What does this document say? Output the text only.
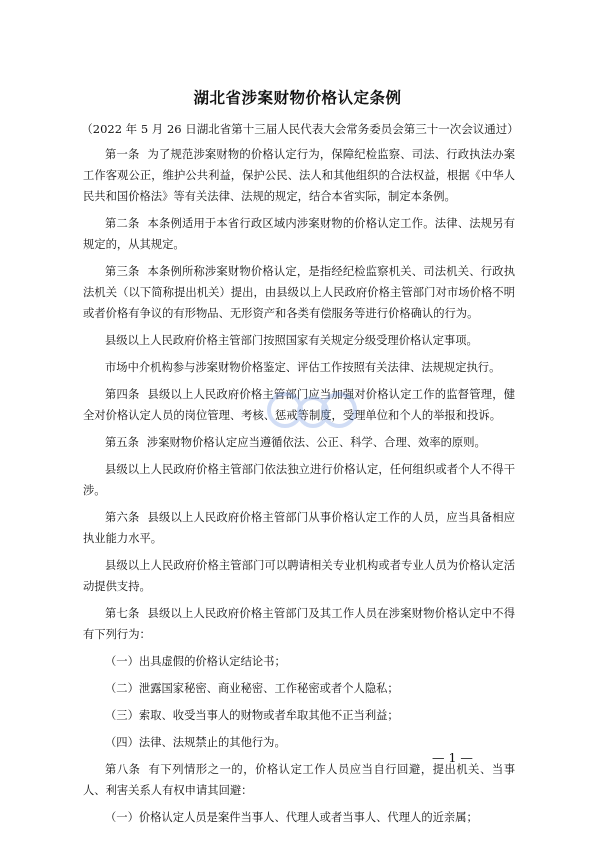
湖北省涉案财物价格认定条例
（2022 年 5 月 26 日湖北省第十三届人民代表大会常务委员会第三十一次会议通过）

第一条 为了规范涉案财物的价格认定行为，保障纪检监察、司法、行政执法办案工作客观公正，维护公共利益，保护公民、法人和其他组织的合法权益，根据《中华人民共和国价格法》等有关法律、法规的规定，结合本省实际，制定本条例。

第二条 本条例适用于本省行政区域内涉案财物的价格认定工作。法律、法规另有规定的，从其规定。

第三条 本条例所称涉案财物价格认定，是指经纪检监察机关、司法机关、行政执法机关（以下简称提出机关）提出，由县级以上人民政府价格主管部门对市场价格不明或者价格有争议的有形物品、无形资产和各类有偿服务等进行价格确认的行为。

县级以上人民政府价格主管部门按照国家有关规定分级受理价格认定事项。

市场中介机构参与涉案财物价格鉴定、评估工作按照有关法律、法规规定执行。

第四条 县级以上人民政府价格主管部门应当加强对价格认定工作的监督管理，健全对价格认定人员的岗位管理、考核、惩戒等制度，受理单位和个人的举报和投诉。

第五条 涉案财物价格认定应当遵循依法、公正、科学、合理、效率的原则。

县级以上人民政府价格主管部门依法独立进行价格认定，任何组织或者个人不得干涉。

第六条 县级以上人民政府价格主管部门从事价格认定工作的人员，应当具备相应执业能力水平。

县级以上人民政府价格主管部门可以聘请相关专业机构或者专业人员为价格认定活动提供支持。

第七条 县级以上人民政府价格主管部门及其工作人员在涉案财物价格认定中不得有下列行为：

（一）出具虚假的价格认定结论书；

（二）泄露国家秘密、商业秘密、工作秘密或者个人隐私；

（三）索取、收受当事人的财物或者牟取其他不正当利益；

（四）法律、法规禁止的其他行为。

第八条 有下列情形之一的，价格认定工作人员应当自行回避，提出机关、当事人、利害关系人有权申请其回避：

（一）价格认定人员是案件当事人、代理人或者当事人、代理人的近亲属；

— 1 —
